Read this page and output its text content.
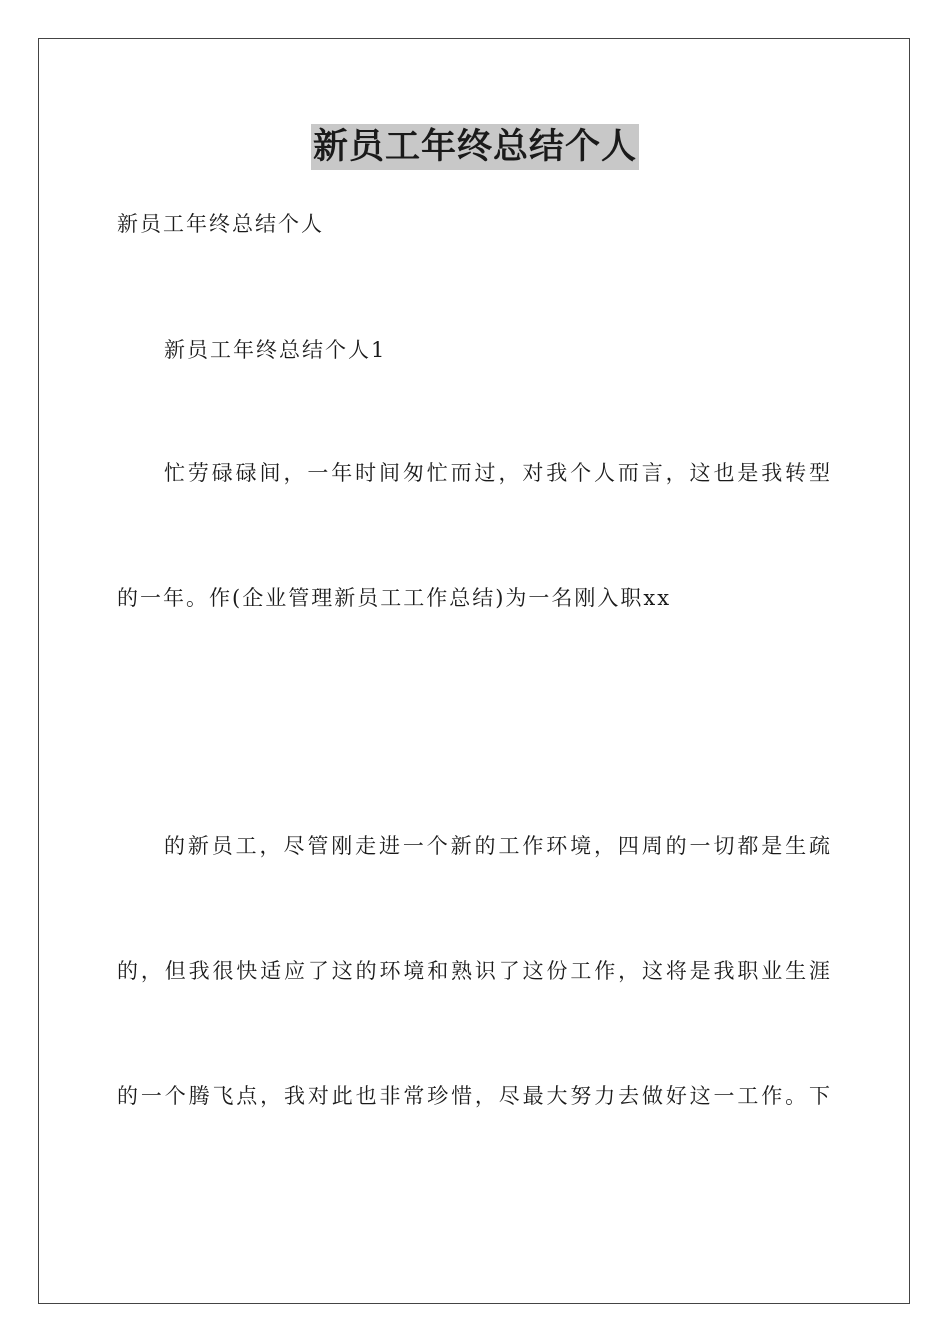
新员工年终总结个人
新员工年终总结个人
新员工年终总结个人1
忙劳碌碌间，一年时间匆忙而过，对我个人而言，这也是我转型
的一年。作(企业管理新员工工作总结)为一名刚入职xx
的新员工，尽管刚走进一个新的工作环境，四周的一切都是生疏
的，但我很快适应了这的环境和熟识了这份工作，这将是我职业生涯
的一个腾飞点，我对此也非常珍惜，尽最大努力去做好这一工作。下
